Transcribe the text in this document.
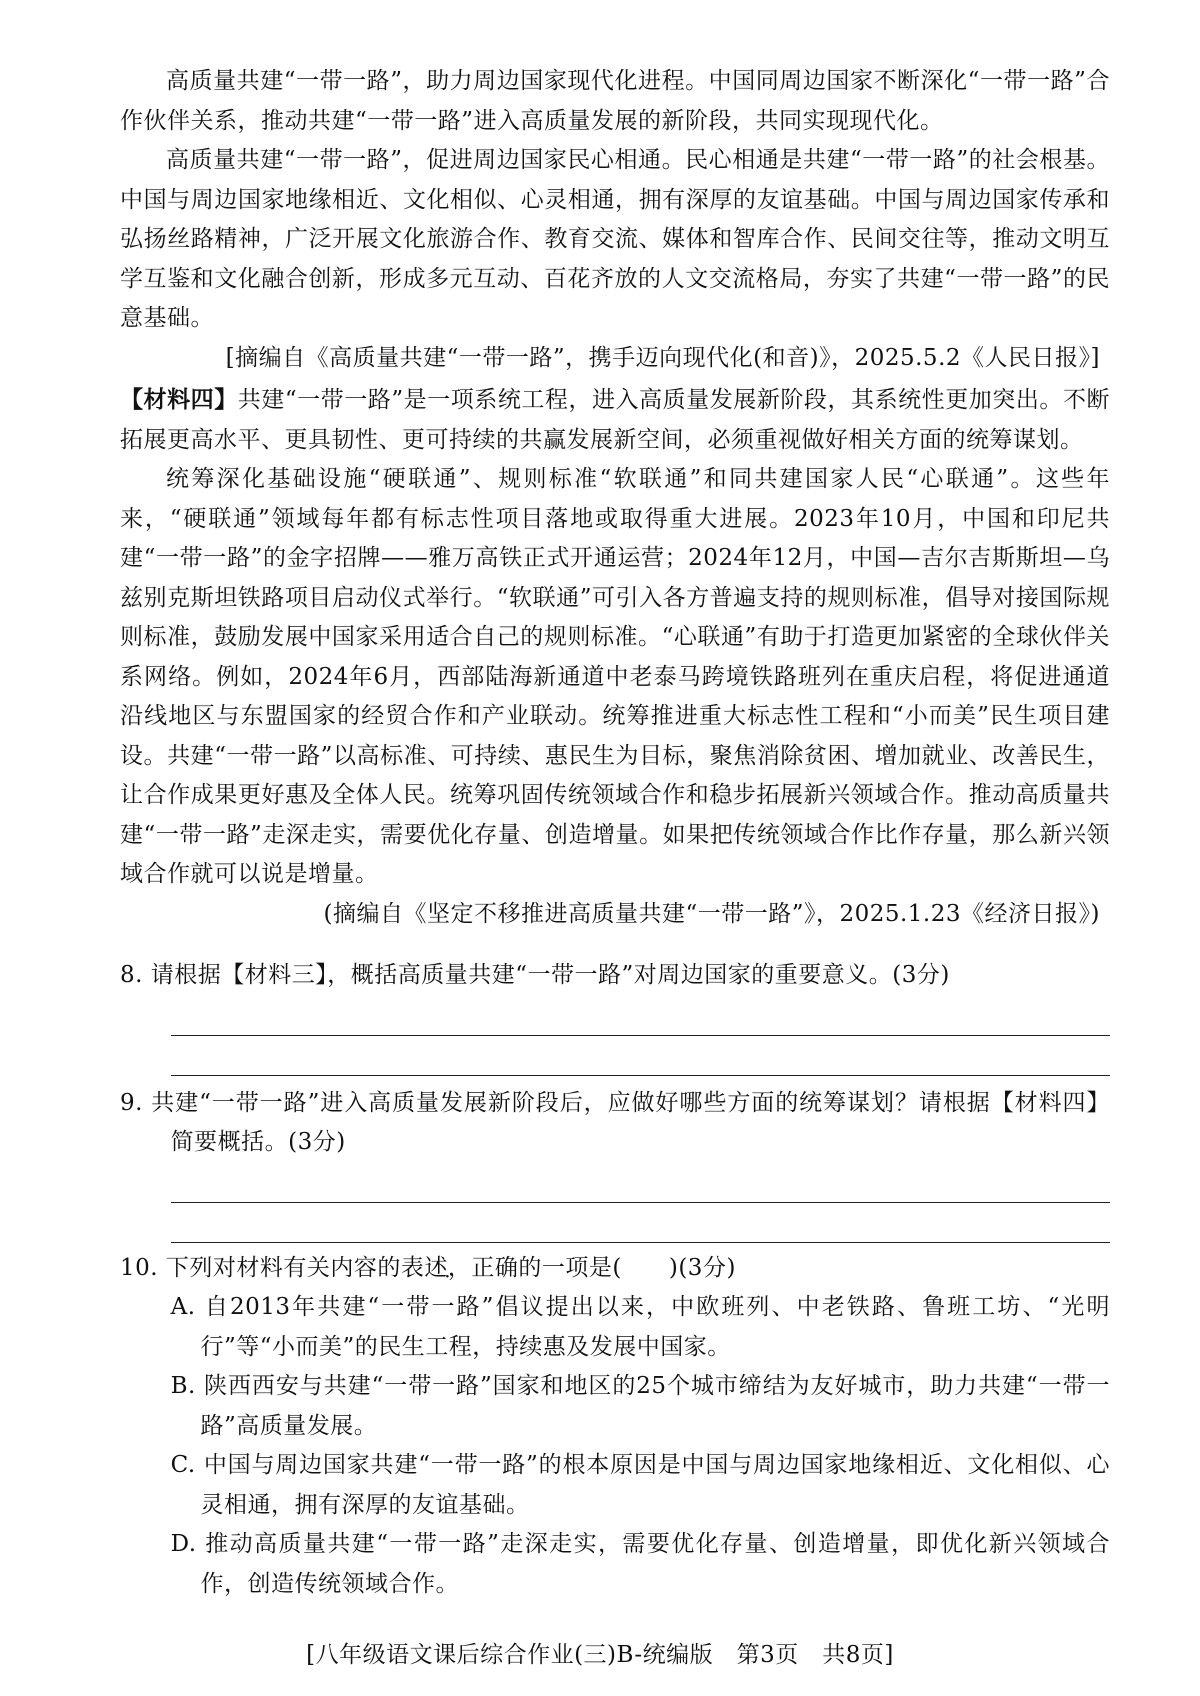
高质量共建“一带一路”，助力周边国家现代化进程。中国同周边国家不断深化“一带一路”合作伙伴关系，推动共建“一带一路”进入高质量发展的新阶段，共同实现现代化。

高质量共建“一带一路”，促进周边国家民心相通。民心相通是共建“一带一路”的社会根基。中国与周边国家地缘相近、文化相似、心灵相通，拥有深厚的友谊基础。中国与周边国家传承和弘扬丝路精神，广泛开展文化旅游合作、教育交流、媒体和智库合作、民间交往等，推动文明互学互鉴和文化融合创新，形成多元互动、百花齐放的人文交流格局，夯实了共建“一带一路”的民意基础。

[摘编自《高质量共建“一带一路”，携手迈向现代化(和音)》，2025.5.2《人民日报》]

【材料四】共建“一带一路”是一项系统工程，进入高质量发展新阶段，其系统性更加突出。不断拓展更高水平、更具韧性、更可持续的共赢发展新空间，必须重视做好相关方面的统筹谋划。

统筹深化基础设施“硬联通”、规则标准“软联通”和同共建国家人民“心联通”。这些年来，“硬联通”领域每年都有标志性项目落地或取得重大进展。2023年10月，中国和印尼共建“一带一路”的金字招牌——雅万高铁正式开通运营；2024年12月，中国—吉尔吉斯斯坦—乌兹别克斯坦铁路项目启动仪式举行。“软联通”可引入各方普遍支持的规则标准，倡导对接国际规则标准，鼓励发展中国家采用适合自己的规则标准。“心联通”有助于打造更加紧密的全球伙伴关系网络。例如，2024年6月，西部陆海新通道中老泰马跨境铁路班列在重庆启程，将促进通道沿线地区与东盟国家的经贸合作和产业联动。统筹推进重大标志性工程和“小而美”民生项目建设。共建“一带一路”以高标准、可持续、惠民生为目标，聚焦消除贫困、增加就业、改善民生，让合作成果更好惠及全体人民。统筹巩固传统领域合作和稳步拓展新兴领域合作。推动高质量共建“一带一路”走深走实，需要优化存量、创造增量。如果把传统领域合作比作存量，那么新兴领域合作就可以说是增量。

(摘编自《坚定不移推进高质量共建“一带一路”》，2025.1.23《经济日报》)

8. 请根据【材料三】，概括高质量共建“一带一路”对周边国家的重要意义。(3分)

9. 共建“一带一路”进入高质量发展新阶段后，应做好哪些方面的统筹谋划？请根据【材料四】简要概括。(3分)

10. 下列对材料有关内容的表述，正确的一项是(　　)(3分)

A. 自2013年共建“一带一路”倡议提出以来，中欧班列、中老铁路、鲁班工坊、“光明行”等“小而美”的民生工程，持续惠及发展中国家。

B. 陕西西安与共建“一带一路”国家和地区的25个城市缔结为友好城市，助力共建“一带一路”高质量发展。

C. 中国与周边国家共建“一带一路”的根本原因是中国与周边国家地缘相近、文化相似、心灵相通，拥有深厚的友谊基础。

D. 推动高质量共建“一带一路”走深走实，需要优化存量、创造增量，即优化新兴领域合作，创造传统领域合作。

[八年级语文课后综合作业(三)B-统编版　第3页　共8页]
